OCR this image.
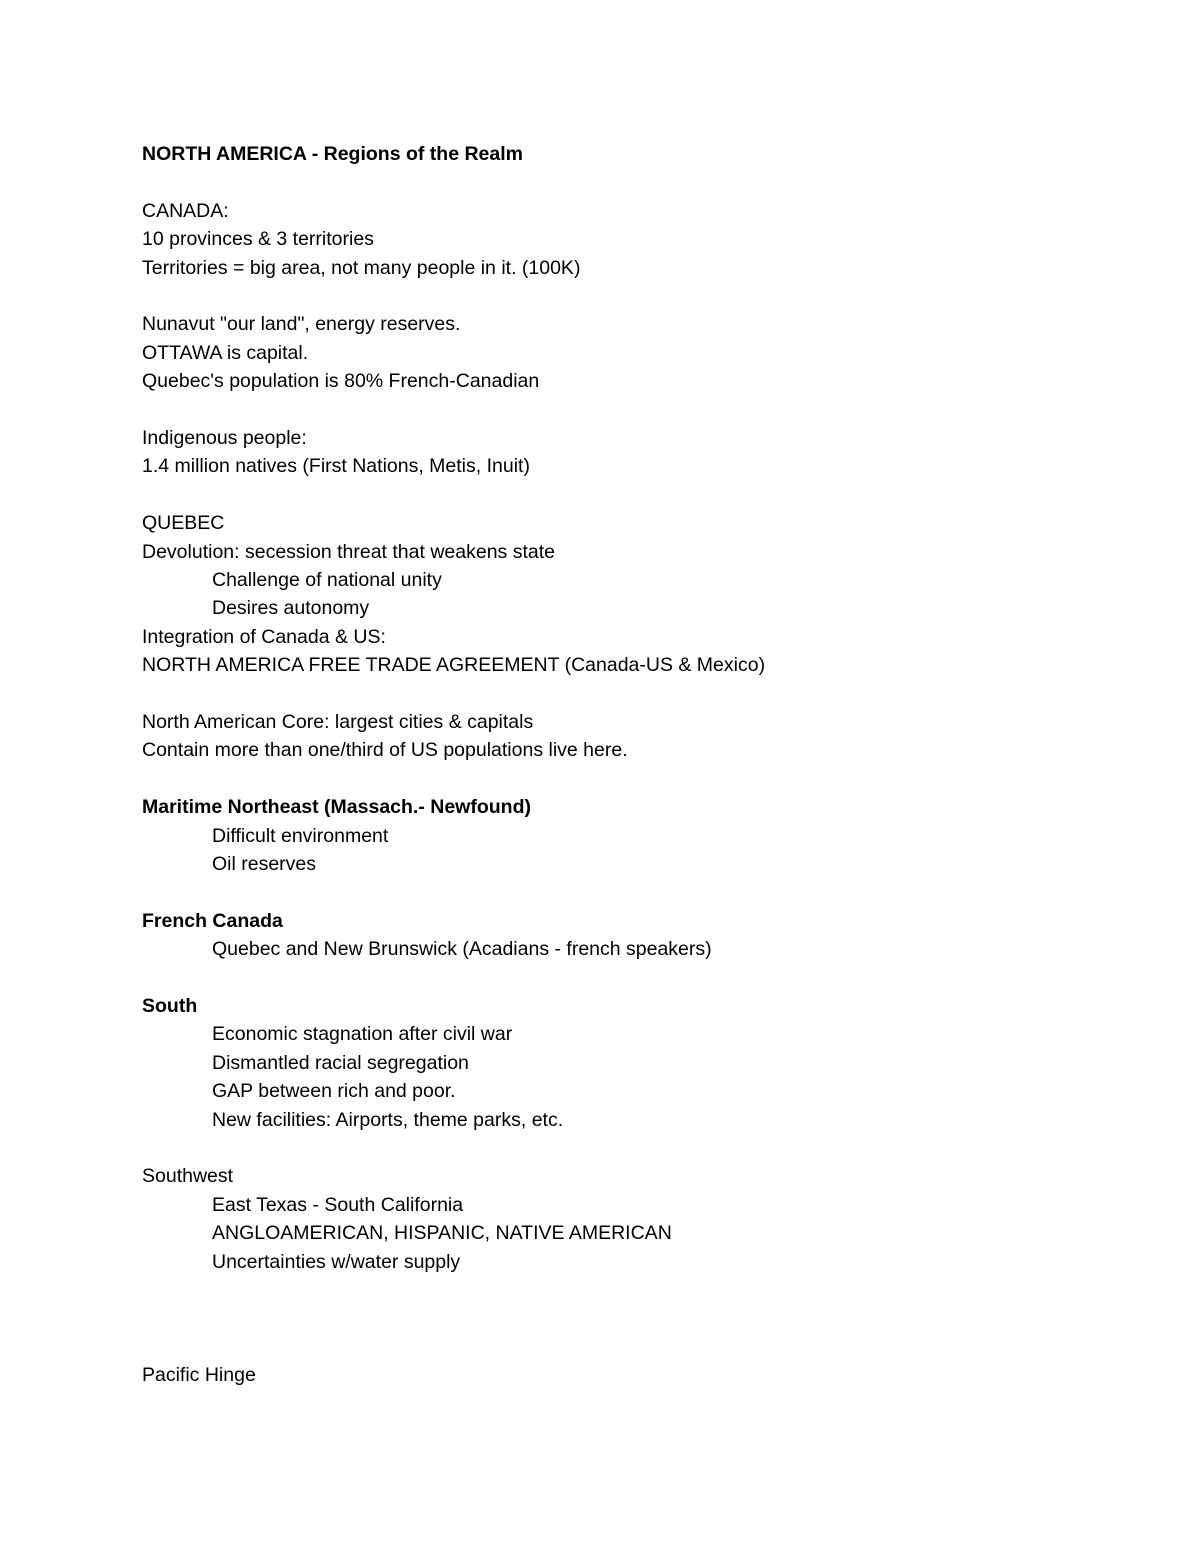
NORTH AMERICA - Regions of the Realm
CANADA:
10 provinces & 3 territories
Territories = big area, not many people in it. (100K)
Nunavut "our land", energy reserves.
OTTAWA is capital.
Quebec's population is 80% French-Canadian
Indigenous people:
1.4 million natives (First Nations, Metis, Inuit)
QUEBEC
Devolution: secession threat that weakens state
Challenge of national unity
Desires autonomy
Integration of Canada & US:
NORTH AMERICA FREE TRADE AGREEMENT (Canada-US & Mexico)
North American Core: largest cities & capitals
Contain more than one/third of US populations live here.
Maritime Northeast (Massach.- Newfound)
Difficult environment
Oil reserves
French Canada
Quebec and New Brunswick (Acadians - french speakers)
South
Economic stagnation after civil war
Dismantled racial segregation
GAP between rich and poor.
New facilities: Airports, theme parks, etc.
Southwest
East Texas - South California
ANGLOAMERICAN, HISPANIC, NATIVE AMERICAN
Uncertainties w/water supply
Pacific Hinge
